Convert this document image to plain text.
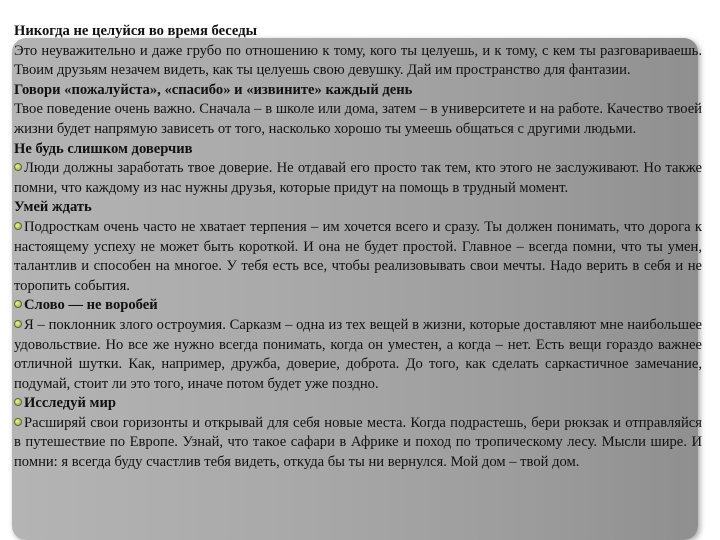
Никогда не целуйся во время беседы
Это неуважительно и даже грубо по отношению к тому, кого ты целуешь, и к тому, с кем ты разговариваешь. Твоим друзьям незачем видеть, как ты целуешь свою девушку. Дай им пространство для фантазии.
Говори «пожалуйста», «спасибо» и «извините» каждый день
Твое поведение очень важно. Сначала – в школе или дома, затем – в университете и на работе. Качество твоей жизни будет напрямую зависеть от того, насколько хорошо ты умеешь общаться с другими людьми.
Не будь слишком доверчив
Люди должны заработать твое доверие. Не отдавай его просто так тем, кто этого не заслуживают. Но также помни, что каждому из нас нужны друзья, которые придут на помощь в трудный момент.
Умей ждать
Подросткам очень часто не хватает терпения – им хочется всего и сразу. Ты должен понимать, что дорога к настоящему успеху не может быть короткой. И она не будет простой. Главное – всегда помни, что ты умен, талантлив и способен на многое. У тебя есть все, чтобы реализовывать свои мечты. Надо верить в себя и не торопить события.
Слово — не воробей
Я – поклонник злого остроумия. Сарказм – одна из тех вещей в жизни, которые доставляют мне наибольшее удовольствие. Но все же нужно всегда понимать, когда он уместен, а когда – нет. Есть вещи гораздо важнее отличной шутки. Как, например, дружба, доверие, доброта. До того, как сделать саркастичное замечание, подумай, стоит ли это того, иначе потом будет уже поздно.
Исследуй мир
Расширяй свои горизонты и открывай для себя новые места. Когда подрастешь, бери рюкзак и отправляйся в путешествие по Европе. Узнай, что такое сафари в Африке и поход по тропическому лесу. Мысли шире. И помни: я всегда буду счастлив тебя видеть, откуда бы ты ни вернулся. Мой дом – твой дом.
